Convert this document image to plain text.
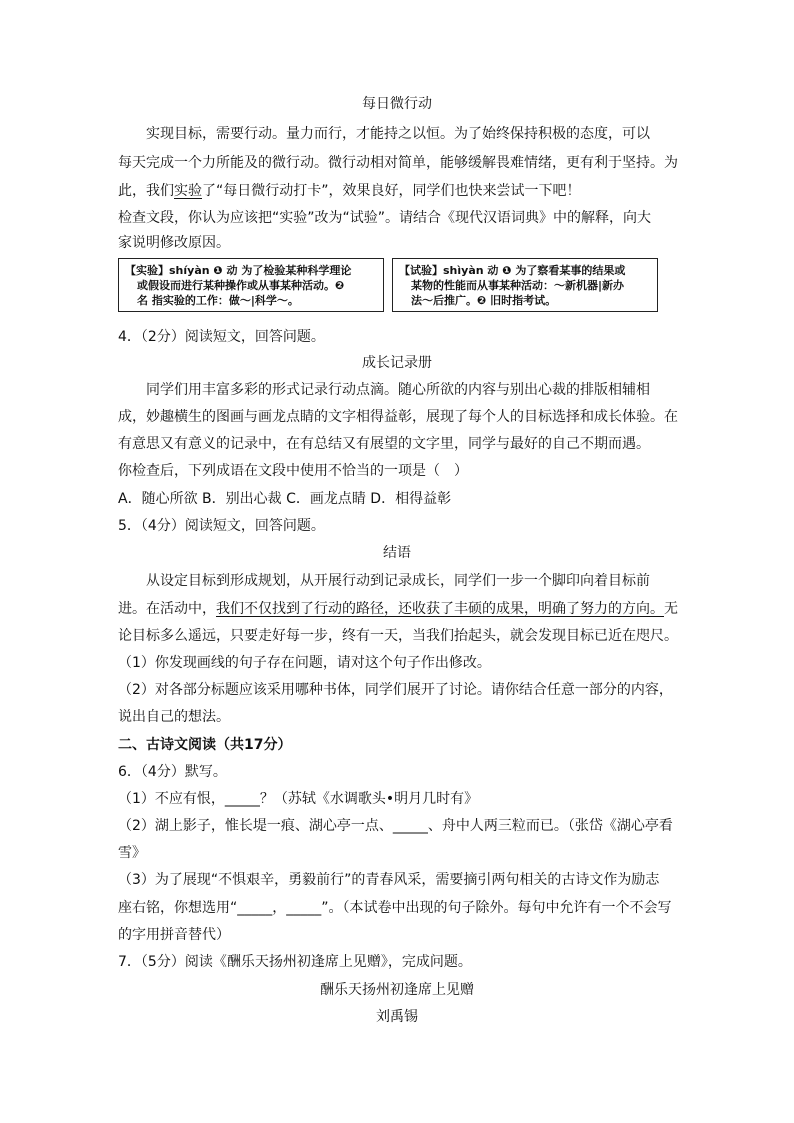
每日微行动
实现目标，需要行动。量力而行，才能持之以恒。为了始终保持积极的态度，可以
每天完成一个力所能及的微行动。微行动相对简单，能够缓解畏难情绪，更有利于坚持。为
此，我们实验了“每日微行动打卡”，效果良好，同学们也快来尝试一下吧！
检查文段，你认为应该把“实验”改为“试验”。请结合《现代汉语词典》中的解释，向大
家说明修改原因。
【实验】shíyàn ❶ 动 为了检验某种科学理论
或假设而进行某种操作或从事某种活动。❷
名 指实验的工作：做～|科学～。
【试验】shìyàn 动 ❶ 为了察看某事的结果或
某物的性能而从事某种活动：～新机器|新办
法～后推广。❷ 旧时指考试。
4．（2分）阅读短文，回答问题。
成长记录册
同学们用丰富多彩的形式记录行动点滴。随心所欲的内容与别出心裁的排版相辅相
成，妙趣横生的图画与画龙点睛的文字相得益彰，展现了每个人的目标选择和成长体验。在
有意思又有意义的记录中，在有总结又有展望的文字里，同学与最好的自己不期而遇。
你检查后，下列成语在文段中使用不恰当的一项是（　）
A．随心所欲 B．别出心裁 C．画龙点睛 D．相得益彰
5．（4分）阅读短文，回答问题。
结语
从设定目标到形成规划，从开展行动到记录成长，同学们一步一个脚印向着目标前
进。在活动中，我们不仅找到了行动的路径，还收获了丰硕的成果，明确了努力的方向。无
论目标多么遥远，只要走好每一步，终有一天，当我们抬起头，就会发现目标已近在咫尺。
（1）你发现画线的句子存在问题，请对这个句子作出修改。
（2）对各部分标题应该采用哪种书体，同学们展开了讨论。请你结合任意一部分的内容，
说出自己的想法。
二、古诗文阅读（共17分）
6．（4分）默写。
（1）不应有恨，_____？（苏轼《水调歌头•明月几时有》
（2）湖上影子，惟长堤一痕、湖心亭一点、_____、舟中人两三粒而已。（张岱《湖心亭看
雪》
（3）为了展现“不惧艰辛，勇毅前行”的青春风采，需要摘引两句相关的古诗文作为励志
座右铭，你想选用“_____，_____”。（本试卷中出现的句子除外。每句中允许有一个不会写
的字用拼音替代）
7．（5分）阅读《酬乐天扬州初逢席上见赠》，完成问题。
酬乐天扬州初逢席上见赠
刘禹锡
